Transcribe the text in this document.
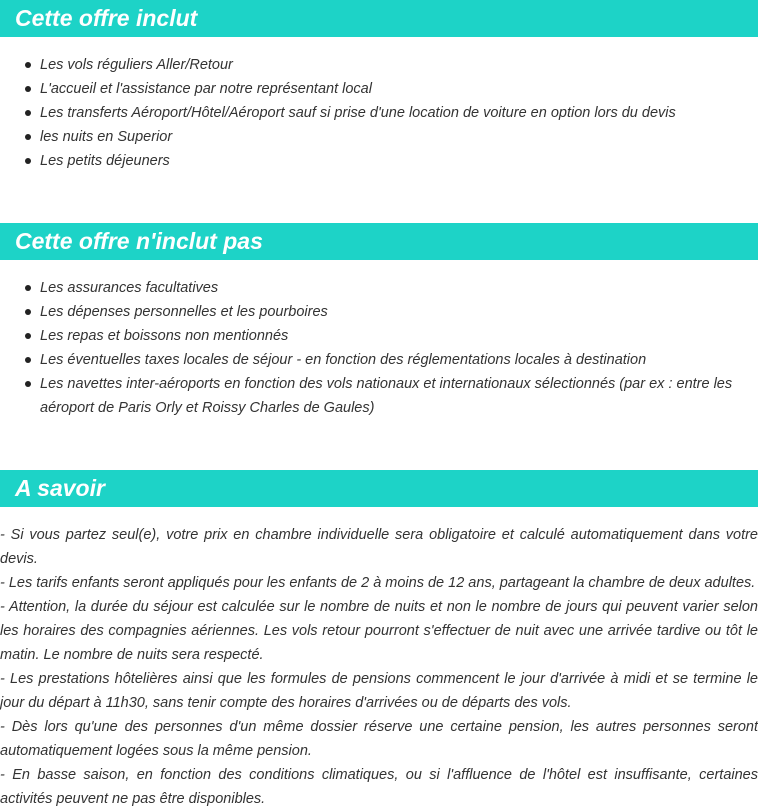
Cette offre inclut
Les vols réguliers Aller/Retour
L'accueil et l'assistance par notre représentant local
Les transferts Aéroport/Hôtel/Aéroport sauf si prise d'une location de voiture en option lors du devis
les nuits en Superior
Les petits déjeuners
Cette offre n'inclut pas
Les assurances facultatives
Les dépenses personnelles et les pourboires
Les repas et boissons non mentionnés
Les éventuelles taxes locales de séjour - en fonction des réglementations locales à destination
Les navettes inter-aéroports en fonction des vols nationaux et internationaux sélectionnés (par ex : entre les aéroport de Paris Orly et Roissy Charles de Gaules)
A savoir

- Si vous partez seul(e), votre prix en chambre individuelle sera obligatoire et calculé automatiquement dans votre devis.

- Les tarifs enfants seront appliqués pour les enfants de 2 à moins de 12 ans, partageant la chambre de deux adultes.

- Attention, la durée du séjour est calculée sur le nombre de nuits et non le nombre de jours qui peuvent varier selon les horaires des compagnies aériennes. Les vols retour pourront s'effectuer de nuit avec une arrivée tardive ou tôt le matin. Le nombre de nuits sera respecté.

- Les prestations hôtelières ainsi que les formules de pensions commencent le jour d'arrivée à midi et se termine le jour du départ à 11h30, sans tenir compte des horaires d'arrivées ou de départs des vols.

- Dès lors qu'une des personnes d'un même dossier réserve une certaine pension, les autres personnes seront automatiquement logées sous la même pension.

- En basse saison, en fonction des conditions climatiques, ou si l'affluence de l'hôtel est insuffisante, certaines activités peuvent ne pas être disponibles.
